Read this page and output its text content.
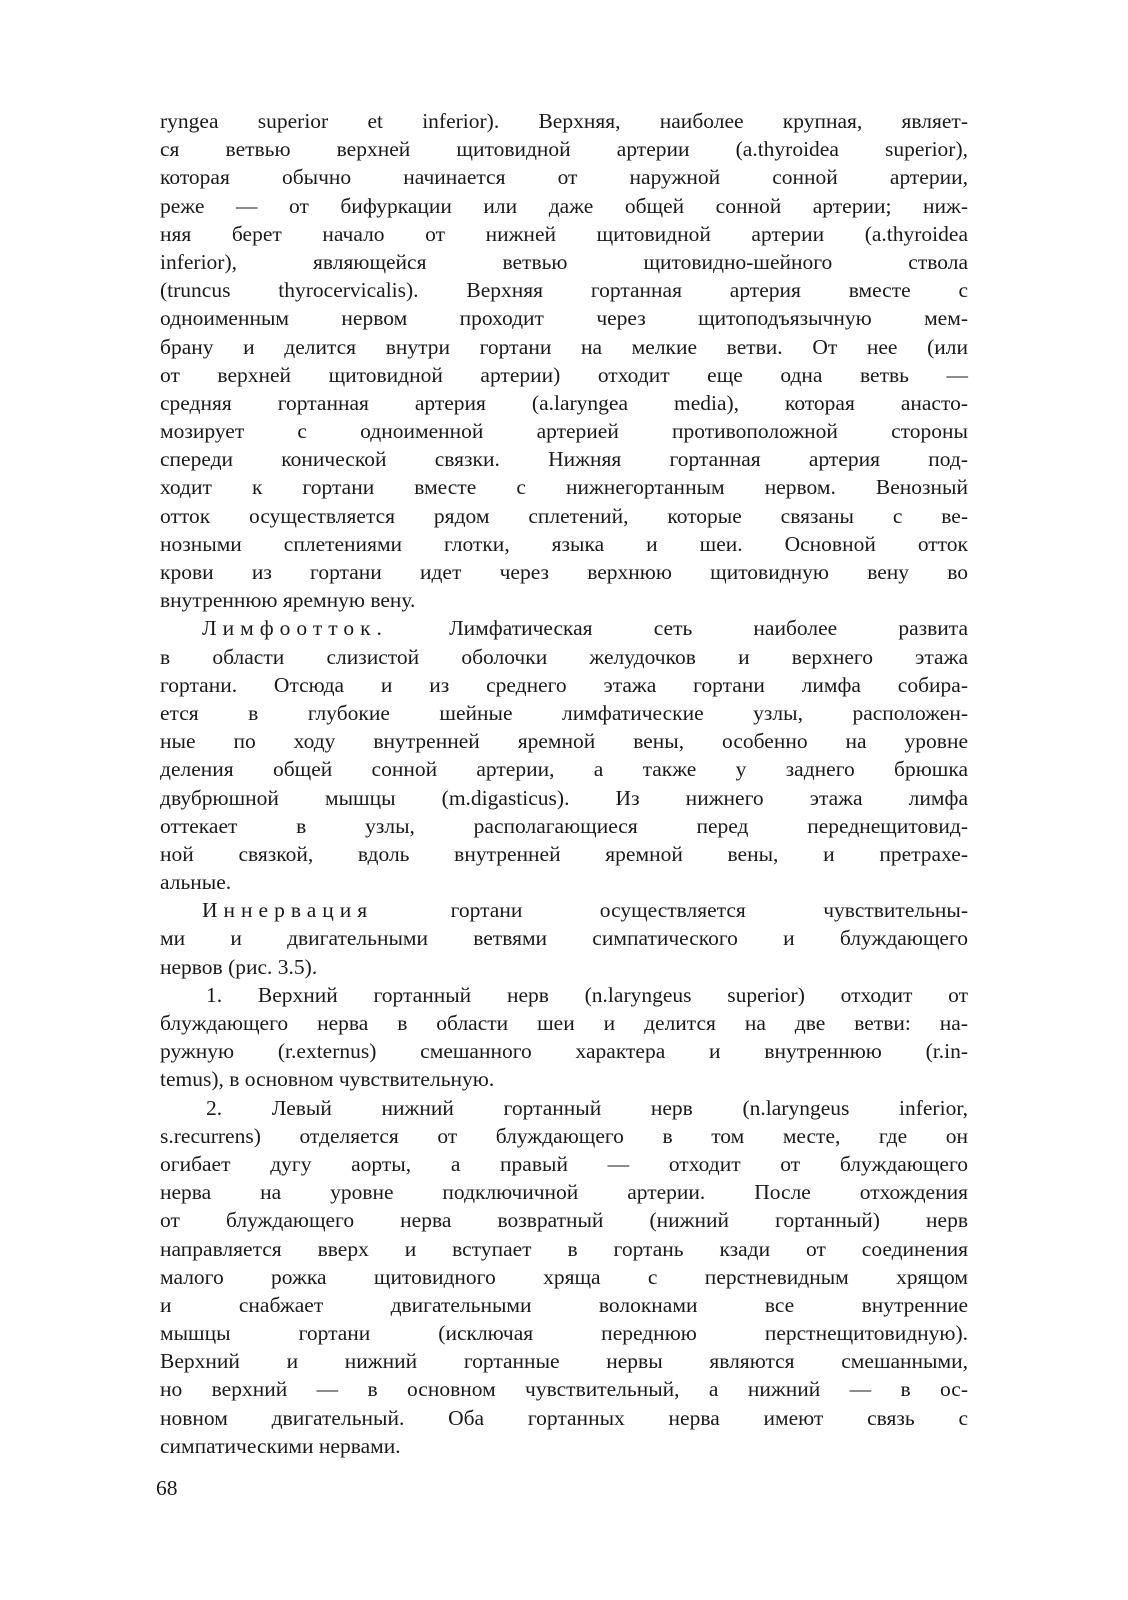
ryngea superior et inferior). Верхняя, наиболее крупная, являет-
ся ветвью верхней щитовидной артерии (a.thyroidea superior),
которая обычно начинается от наружной сонной артерии,
реже — от бифуркации или даже общей сонной артерии; ниж-
няя берет начало от нижней щитовидной артерии (a.thyroidea
inferior), являющейся ветвью щитовидно-шейного ствола
(truncus thyrocervicalis). Верхняя гортанная артерия вместе с
одноименным нервом проходит через щитоподъязычную мем-
брану и делится внутри гортани на мелкие ветви. От нее (или
от верхней щитовидной артерии) отходит еще одна ветвь —
средняя гортанная артерия (a.laryngea media), которая анасто-
мозирует с одноименной артерией противоположной стороны
спереди конической связки. Нижняя гортанная артерия под-
ходит к гортани вместе с нижнегортанным нервом. Венозный
отток осуществляется рядом сплетений, которые связаны с ве-
нозными сплетениями глотки, языка и шеи. Основной отток
крови из гортани идет через верхнюю щитовидную вену во
внутреннюю яремную вену.
Лимфоотток.	Лимфатическая сеть наиболее развита
в области слизистой оболочки желудочков и верхнего этажа
гортани. Отсюда и из среднего этажа гортани лимфа собира-
ется в глубокие шейные лимфатические узлы, расположен-
ные по ходу внутренней яремной вены, особенно на уровне
деления общей сонной артерии, а также у заднего брюшка
двубрюшной мышцы (m.digasticus). Из нижнего этажа лимфа
оттекает в узлы, располагающиеся перед переднещитовид-
ной связкой, вдоль внутренней яремной вены, и претрахе-
альные.
Иннервация	гортани осуществляется чувствительны-
ми и двигательными ветвями симпатического и блуждающего
нервов (рис. 3.5).
1. Верхний гортанный нерв (n.laryngeus superior) отходит от
блуждающего нерва в области шеи и делится на две ветви: на-
ружную (r.externus) смешанного характера и внутреннюю (r.in-
temus), в основном чувствительную.
2. Левый нижний гортанный нерв (n.laryngeus inferior,
s.recurrens) отделяется от блуждающего в том месте, где он
огибает дугу аорты, а правый — отходит от блуждающего
нерва на уровне подключичной артерии. После отхождения
от блуждающего нерва возвратный (нижний гортанный) нерв
направляется вверх и вступает в гортань кзади от соединения
малого рожка щитовидного хряща с перстневидным хрящом
и снабжает двигательными волокнами все внутренние
мышцы гортани (исключая переднюю перстнещитовидную).
Верхний и нижний гортанные нервы являются смешанными,
но верхний — в основном чувствительный, а нижний — в ос-
новном двигательный. Оба гортанных нерва имеют связь с
симпатическими нервами.
68
